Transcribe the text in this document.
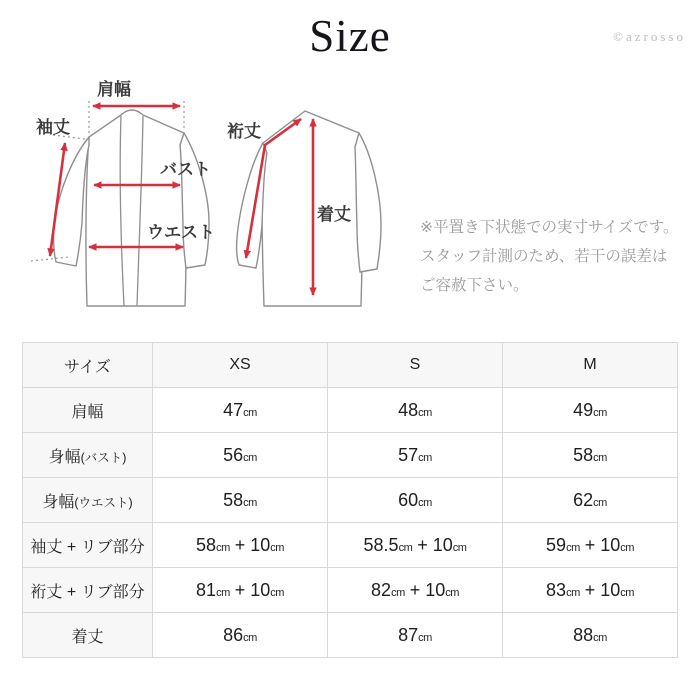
Size	©azrosso
肩幅
袖丈
バスト
ウエスト
裄丈
着丈
※平置き下状態での実寸サイズです。
スタッフ計測のため、若干の誤差は
ご容赦下さい。
サイズ	XS	S	M
肩幅	47cm	48cm	49cm
身幅(バスト)	56cm	57cm	58cm
身幅(ウエスト)	58cm	60cm	62cm
袖丈 + リブ部分	58cm + 10cm	58.5cm + 10cm	59cm + 10cm
裄丈 + リブ部分	81cm + 10cm	82cm + 10cm	83cm + 10cm
着丈	86cm	87cm	88cm
